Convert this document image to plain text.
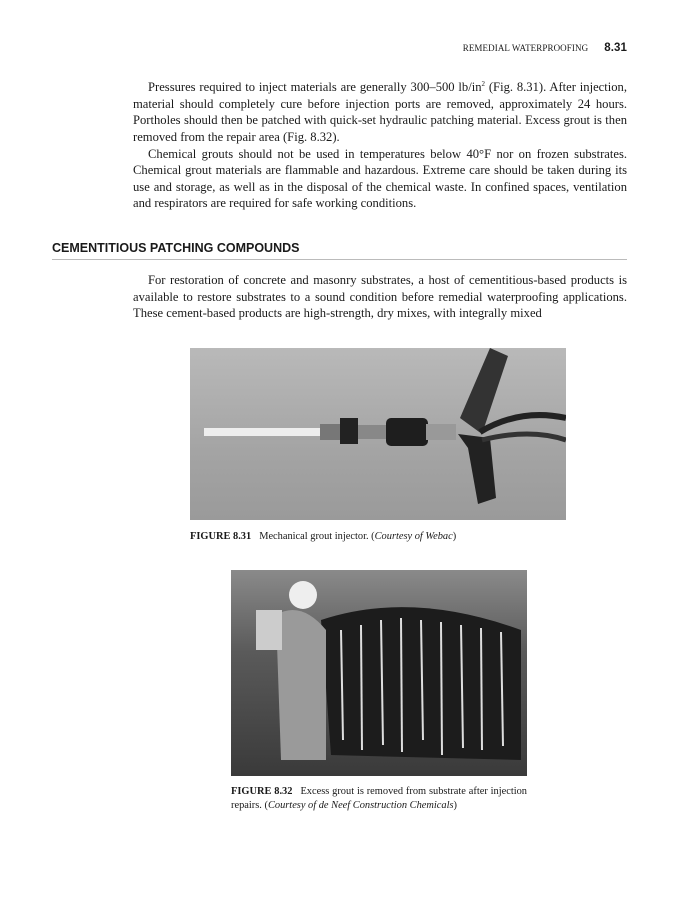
REMEDIAL WATERPROOFING 8.31

Pressures required to inject materials are generally 300–500 $lb/in^2$ (Fig. 8.31). After injection, material should completely cure before injection ports are removed, approximately 24 hours. Portholes should then be patched with quick-set hydraulic patching material. Excess grout is then removed from the repair area (Fig. 8.32).

Chemical grouts should not be used in temperatures below 40°F nor on frozen substrates. Chemical grout materials are flammable and hazardous. Extreme care should be taken during its use and storage, as well as in the disposal of the chemical waste. In confined spaces, ventilation and respirators are required for safe working conditions.

CEMENTITIOUS PATCHING COMPOUNDS

For restoration of concrete and masonry substrates, a host of cementitious-based products is available to restore substrates to a sound condition before remedial waterproofing applications. These cement-based products are high-strength, dry mixes, with integrally mixed

FIGURE 8.31 Mechanical grout injector. (Courtesy of Webac)
FIGURE 8.32 Excess grout is removed from substrate after injection repairs. (Courtesy of de Neef Construction Chemicals)
